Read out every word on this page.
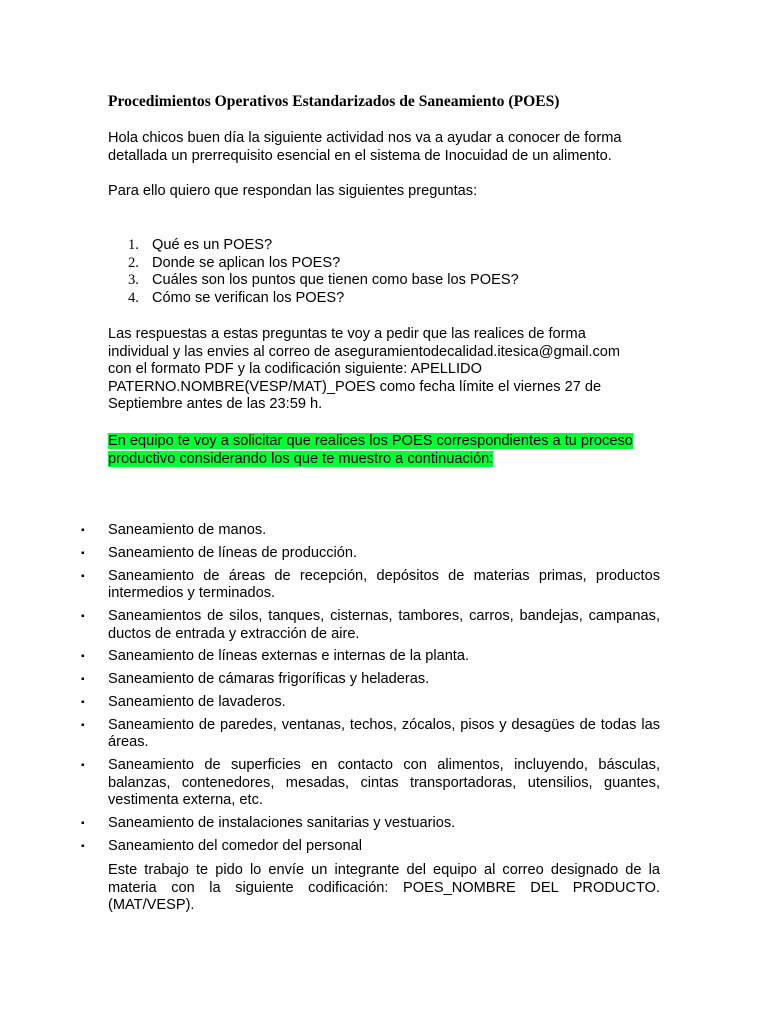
Procedimientos Operativos Estandarizados de Saneamiento (POES)

Hola chicos buen día la siguiente actividad nos va a ayudar a conocer de forma detallada un prerrequisito esencial en el sistema de Inocuidad de un alimento.

Para ello quiero que respondan las siguientes preguntas:

1. Qué es un POES?
2. Donde se aplican los POES?
3. Cuáles son los puntos que tienen como base los POES?
4. Cómo se verifican los POES?
Las respuestas a estas preguntas te voy a pedir que las realices de forma
individual y las envies al correo de aseguramientodecalidad.itesica@gmail.com
con el formato PDF y la codificación siguiente: APELLIDO
PATERNO.NOMBRE(VESP/MAT)_POES como fecha límite el viernes 27 de
Septiembre antes de las 23:59 h.
En equipo te voy a solicitar que realices los POES correspondientes a tu proceso
productivo considerando los que te muestro a continuación:
▪ Saneamiento de manos.
▪ Saneamiento de líneas de producción.
▪ Saneamiento de áreas de recepción, depósitos de materias primas, productos intermedios y terminados.
▪ Saneamientos de silos, tanques, cisternas, tambores, carros, bandejas, campanas, ductos de entrada y extracción de aire.
▪ Saneamiento de líneas externas e internas de la planta.
▪ Saneamiento de cámaras frigoríficas y heladeras.
▪ Saneamiento de lavaderos.
▪ Saneamiento de paredes, ventanas, techos, zócalos, pisos y desagües de todas las áreas.
▪ Saneamiento de superficies en contacto con alimentos, incluyendo, básculas, balanzas, contenedores, mesadas, cintas transportadoras, utensilios, guantes, vestimenta externa, etc.
▪ Saneamiento de instalaciones sanitarias y vestuarios.
▪ Saneamiento del comedor del personal

Este trabajo te pido lo envíe un integrante del equipo al correo designado de la materia con la siguiente codificación: POES_NOMBRE DEL PRODUCTO.(MAT/VESP).
